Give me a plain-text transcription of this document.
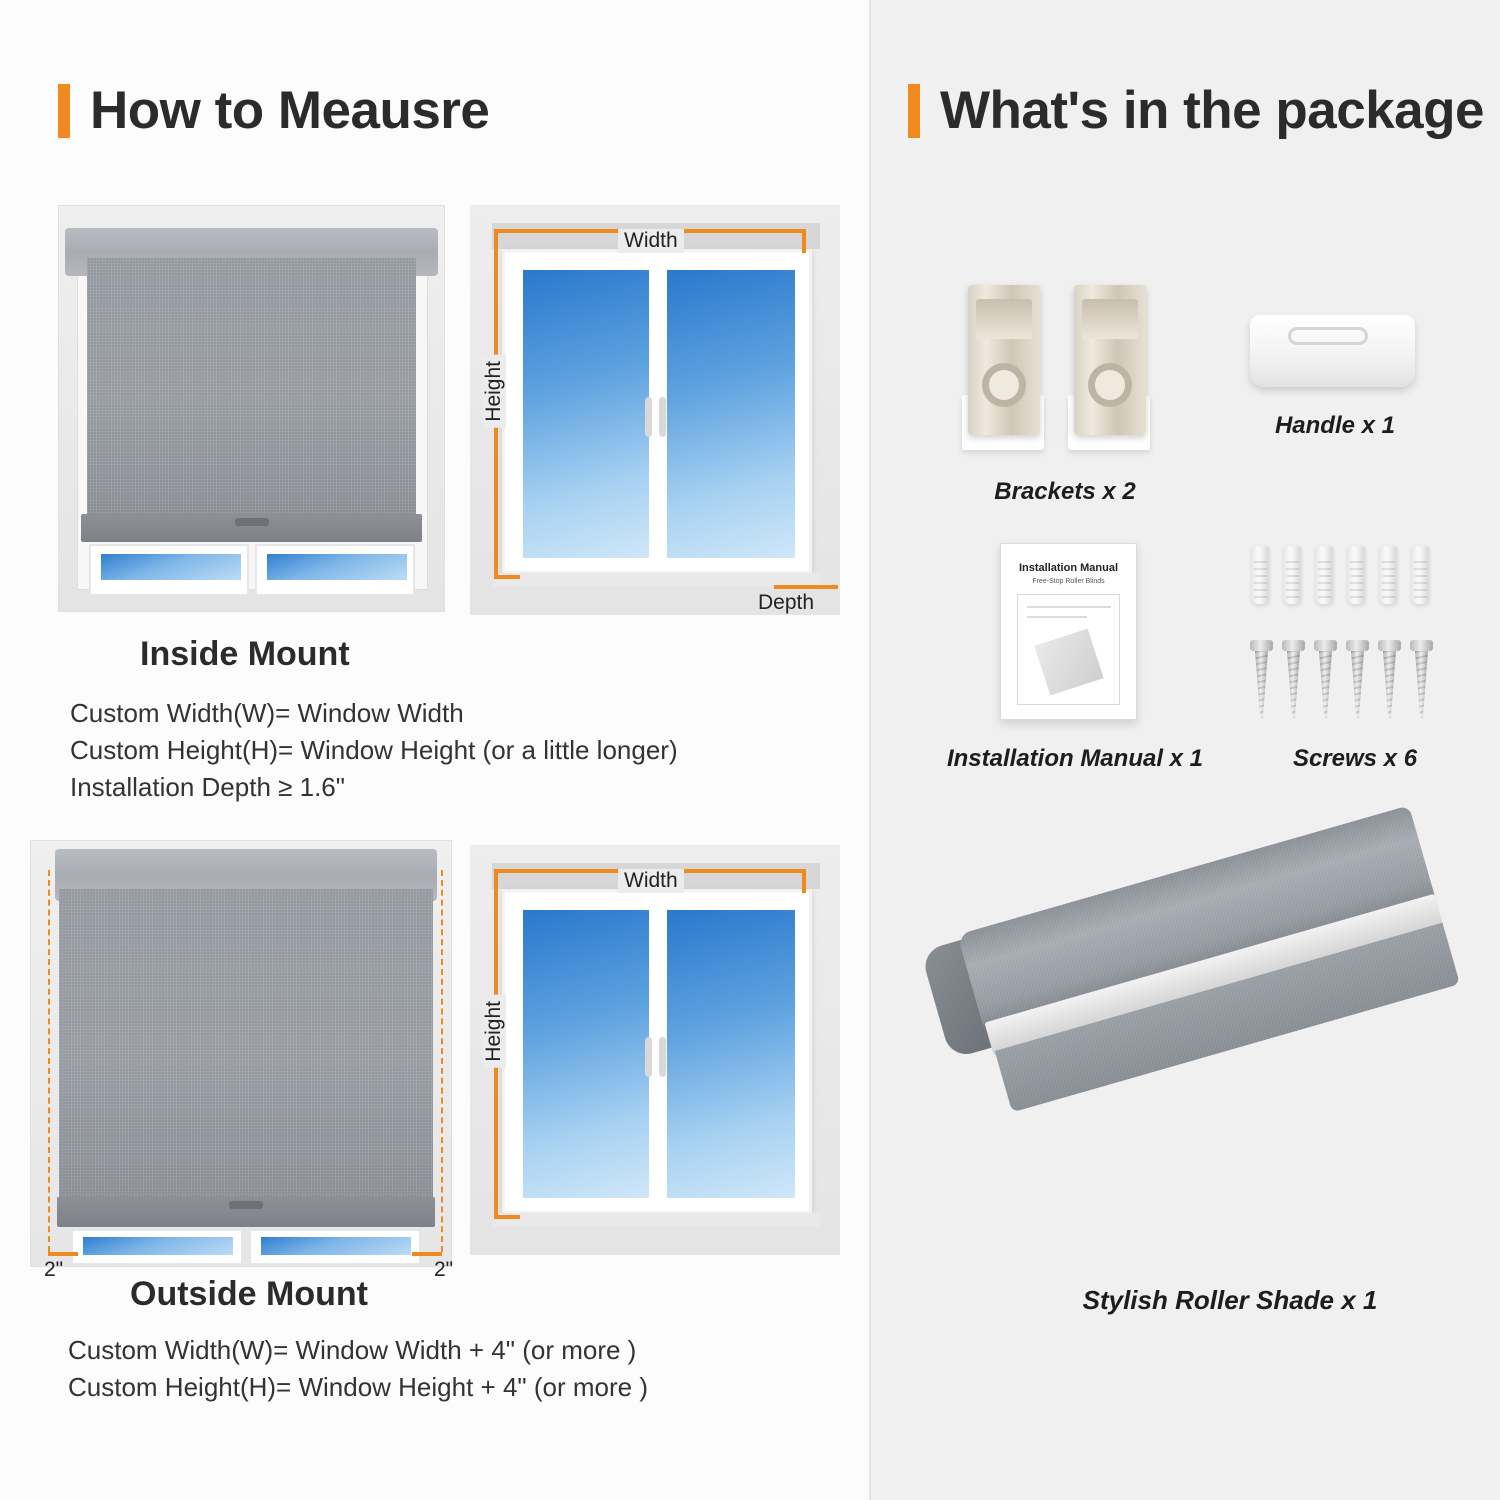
How to Meausre
Width
Height
Depth
Inside Mount
Custom Width(W)= Window Width
Custom Height(H)= Window Height (or a little longer)
Installation Depth ≥ 1.6"
2"	2"
Width
Height
Outside Mount
Custom Width(W)= Window Width + 4" (or more )
Custom Height(H)= Window Height + 4" (or more )
What's in the package
Brackets x 2
Handle x 1
Installation Manual
Free-Stop Roller Blinds
Installation Manual x 1	Screws x 6
Stylish Roller Shade x 1
